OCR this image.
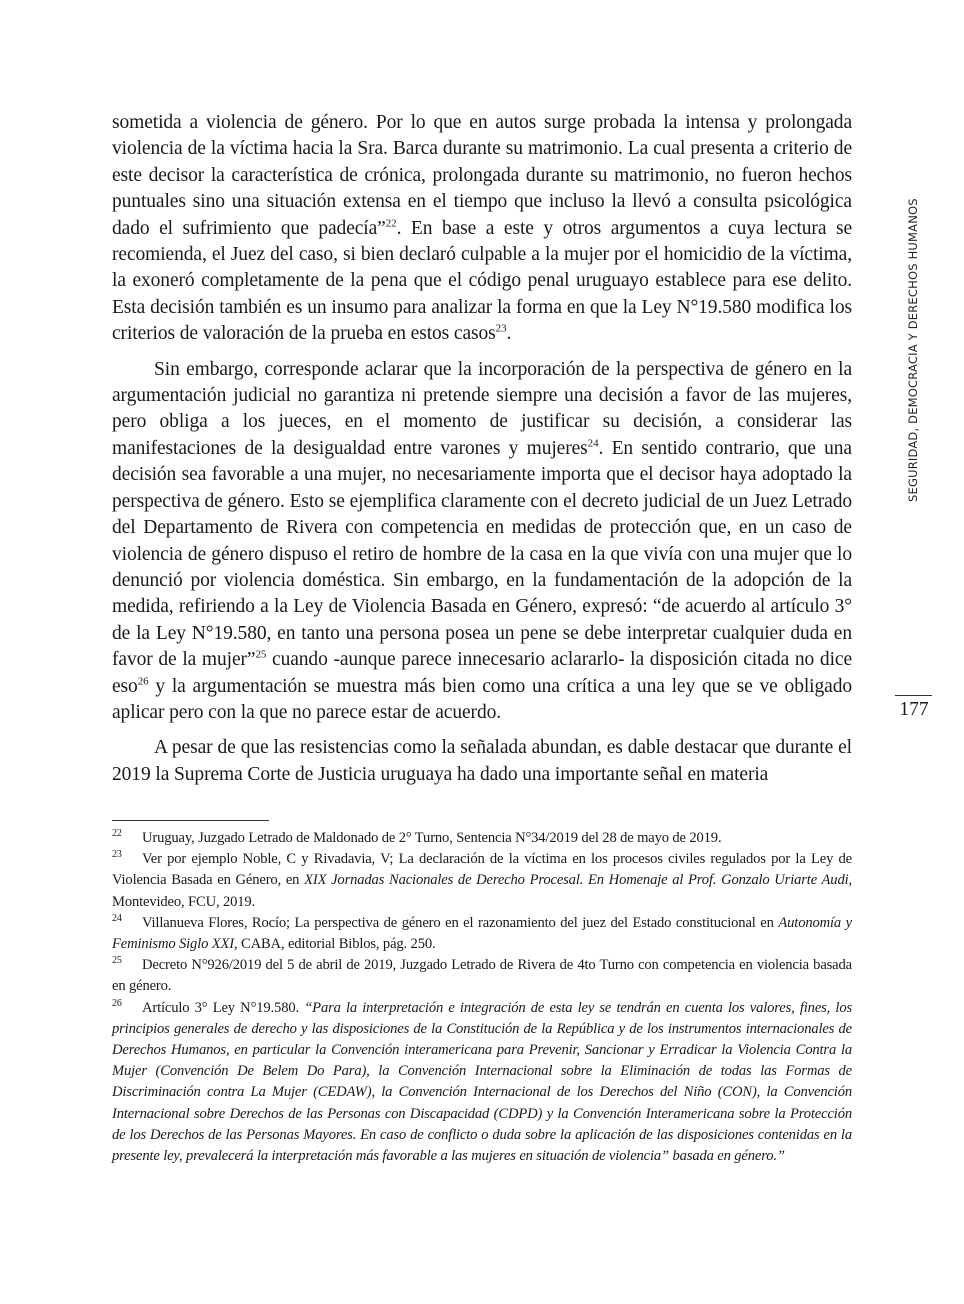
sometida a violencia de género. Por lo que en autos surge probada la intensa y prolongada violencia de la víctima hacia la Sra. Barca durante su matrimonio. La cual presenta a criterio de este decisor la característica de crónica, prolongada durante su matrimonio, no fueron hechos puntuales sino una situación extensa en el tiempo que incluso la llevó a consulta psicológica dado el sufrimiento que padecía”$^{22}$. En base a este y otros argumentos a cuya lectura se recomienda, el Juez del caso, si bien declaró culpable a la mujer por el homicidio de la víctima, la exoneró completamente de la pena que el código penal uruguayo establece para ese delito. Esta decisión también es un insumo para analizar la forma en que la Ley N°19.580 modifica los criterios de valoración de la prueba en estos casos$^{23}$.

Sin embargo, corresponde aclarar que la incorporación de la perspectiva de género en la argumentación judicial no garantiza ni pretende siempre una decisión a favor de las mujeres, pero obliga a los jueces, en el momento de justificar su decisión, a considerar las manifestaciones de la desigualdad entre varones y mujeres$^{24}$. En sentido contrario, que una decisión sea favorable a una mujer, no necesariamente importa que el decisor haya adoptado la perspectiva de género. Esto se ejemplifica claramente con el decreto judicial de un Juez Letrado del Departamento de Rivera con competencia en medidas de protección que, en un caso de violencia de género dispuso el retiro de hombre de la casa en la que vivía con una mujer que lo denunció por violencia doméstica. Sin embargo, en la fundamentación de la adopción de la medida, refiriendo a la Ley de Violencia Basada en Género, expresó: “de acuerdo al artículo 3° de la Ley N°19.580, en tanto una persona posea un pene se debe interpretar cualquier duda en favor de la mujer”$^{25}$ cuando -aunque parece innecesario aclararlo- la disposición citada no dice eso$^{26}$ y la argumentación se muestra más bien como una crítica a una ley que se ve obligado aplicar pero con la que no parece estar de acuerdo.

A pesar de que las resistencias como la señalada abundan, es dable destacar que durante el 2019 la Suprema Corte de Justicia uruguaya ha dado una importante señal en materia

SEGURIDAD, DEMOCRACIA Y DERECHOS HUMANOS
177

22 Uruguay, Juzgado Letrado de Maldonado de 2° Turno, Sentencia N°34/2019 del 28 de mayo de 2019.

23 Ver por ejemplo Noble, C y Rivadavia, V; La declaración de la víctima en los procesos civiles regulados por la Ley de Violencia Basada en Género, en XIX Jornadas Nacionales de Derecho Procesal. En Homenaje al Prof. Gonzalo Uriarte Audi, Montevideo, FCU, 2019.

24 Villanueva Flores, Rocío; La perspectiva de género en el razonamiento del juez del Estado constitucional en Autonomía y Feminismo Siglo XXI, CABA, editorial Biblos, pág. 250.

25 Decreto N°926/2019 del 5 de abril de 2019, Juzgado Letrado de Rivera de 4to Turno con competencia en violencia basada en género.

26 Artículo 3° Ley N°19.580. “Para la interpretación e integración de esta ley se tendrán en cuenta los valores, fines, los principios generales de derecho y las disposiciones de la Constitución de la República y de los instrumentos internacionales de Derechos Humanos, en particular la Convención interamericana para Prevenir, Sancionar y Erradicar la Violencia Contra la Mujer (Convención De Belem Do Para), la Convención Internacional sobre la Eliminación de todas las Formas de Discriminación contra La Mujer (CEDAW), la Convención Internacional de los Derechos del Niño (CON), la Convención Internacional sobre Derechos de las Personas con Discapacidad (CDPD) y la Convención Interamericana sobre la Protección de los Derechos de las Personas Mayores. En caso de conflicto o duda sobre la aplicación de las disposiciones contenidas en la presente ley, prevalecerá la interpretación más favorable a las mujeres en situación de violencia” basada en género.”
